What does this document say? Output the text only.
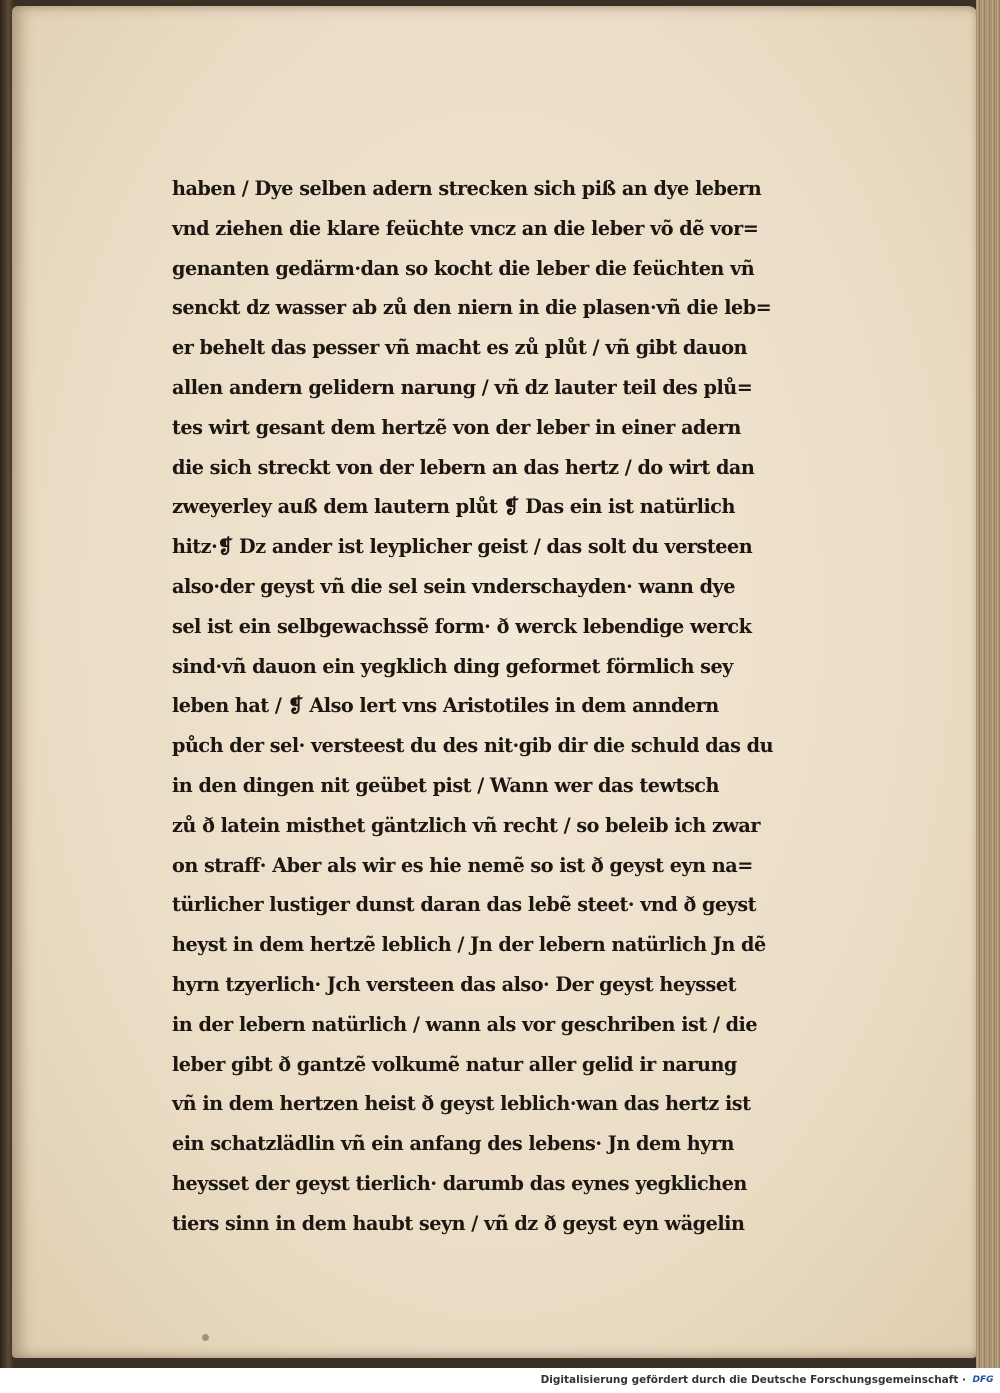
haben / Dye selben adern strecken sich piß an dye lebern
vnd ziehen die klare feüchte vncz an die leber võ dẽ vor=
genanten gedärm·dan so kocht die leber die feüchten vñ
senckt dz wasser ab zů den niern in die plasen·vñ die leb=
er behelt das pesser vñ macht es zů plůt / vñ gibt dauon
allen andern gelidern narung / vñ dz lauter teil des plů=
tes wirt gesant dem hertzẽ von der leber in einer adern
die sich streckt von der lebern an das hertz / do wirt dan
zweyerley auß dem lautern plůt ❡ Das ein ist natürlich
hitz·❡ Dz ander ist leyplicher geist / das solt du versteen
also·der geyst vñ die sel sein vnderschayden· wann dye
sel ist ein selbgewachssẽ form· ð werck lebendige werck
sind·vñ dauon ein yegklich ding geformet förmlich sey
leben hat / ❡ Also lert vns Aristotiles in dem anndern
půch der sel· versteest du des nit·gib dir die schuld das du
in den dingen nit geübet pist / Wann wer das tewtsch
zů ð latein misthet gäntzlich vñ recht / so beleib ich zwar
on straff· Aber als wir es hie nemẽ so ist ð geyst eyn na=
türlicher lustiger dunst daran das lebẽ steet· vnd ð geyst
heyst in dem hertzẽ leblich / Jn der lebern natürlich Jn dẽ
hyrn tzyerlich· Jch versteen das also· Der geyst heysset
in der lebern natürlich / wann als vor geschriben ist / die
leber gibt ð gantzẽ volkumẽ natur aller gelid ir narung
vñ in dem hertzen heist ð geyst leblich·wan das hertz ist
ein schatzlädlin vñ ein anfang des lebens· Jn dem hyrn
heysset der geyst tierlich· darumb das eynes yegklichen
tiers sinn in dem haubt seyn / vñ dz ð geyst eyn wägelin
Digitalisierung gefördert durch die Deutsche Forschungsgemeinschaft · DFG
